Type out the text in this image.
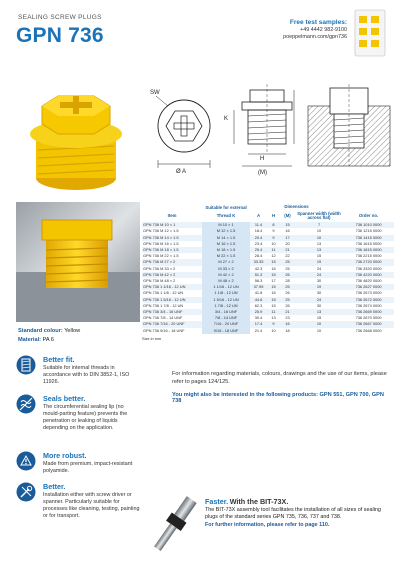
SEALING SCREW PLUGS
GPN 736
Free test samples:
+49 4442 982-9100
poeppelmann.com/gpn736
SW
Ø A
K
H
(M)
Standard colour: Yellow
Material: PA 6
	Suitable for external	Dimensions				
Item	Thread K	A	H	(M)	Spanner width (width across flat)	Order no.
GPN 736 M 10 × 1	M 10 × 1	11.4	8	15	7	736 1010 0000
GPN 736 M 12 × 1.5	M 12 × 1.5	18.4	9	16	10	736 1215 0000
GPN 736 M 14 × 1.5	M 14 × 1.5	20.4	9	17	10	736 1415 0000
GPN 736 M 16 × 1.5	M 16 × 1.5	23.4	10	20	13	736 1615 0000
GPN 736 M 18 × 1.5	M 18 × 1.5	25.4	11	21	13	736 1815 0000
GPN 736 M 22 × 1.5	M 22 × 1.5	28.4	12	22	15	736 2215 0000
GPN 736 M 27 × 2	M 27 × 2	33.35	15	25	19	736 2720 0000
GPN 736 M 33 × 2	M 33 × 2	42.3	15	25	24	736 3320 0000
GPN 736 M 42 × 2	M 42 × 2	51.3	15	26	24	736 4220 0000
GPN 736 M 48 × 2	M 48 × 2	56.3	17	28	30	736 4820 0000
GPN 736 1 1/16 - 12 UN	1 1/16 - 12 UN	37.95	15	25	19	736 2627 0000
GPN 736 1 1/8 - 12 UN	1 1/8 - 12 UN	41.8	15	26	30	736 2673 0000
GPN 736 1 5/16 - 12 UN	1 5/16 - 12 UN	44.8	15	25	24	736 2672 0000
GPN 736 1 7/8 - 12 UN	1 7/8 - 12 UN	62.3	15	26	30	736 2674 0000
GPN 736 3/4 - 16 UNF	3/4 - 16 UNF	25.9	11	21	13	736 2669 0000
GPN 736 7/8 - 14 UNF	7/8 - 14 UNF	30.4	13	23	15	736 2670 0000
GPN 736 7/16 - 20 UNF	7/16 - 20 UNF	17.4	9	16	10	736 2667 0000
GPN 736 9/16 - 18 UNF	9/16 - 18 UNF	21.4	10	18	10	736 2668 0000
Size in mm
For information regarding materials, colours, drawings and the use of our items, please refer to pages 124/125.
You might also be interested in the following products: GPN 551, GPN 700, GPN 738
Better fit.
Suitable for internal threads in accordance with to DIN 3852-1, ISO 11926.
Seals better.
The circumferential sealing lip (no mould-parting feature) prevents the penetration or leaking of liquids depending on the application.
More robust.
Made from premium, impact-resistant polyamide.
Better.
Installation either with screw driver or spanner. Particularly suitable for processes like cleaning, testing, painting or for transport.
Faster. With the BIT-73X.
The BIT-73X assembly tool facilitates the installation of all sizes of sealing plugs of the standard series GPN 735, 736, 737 and 738.
For further information, please refer to page 110.
